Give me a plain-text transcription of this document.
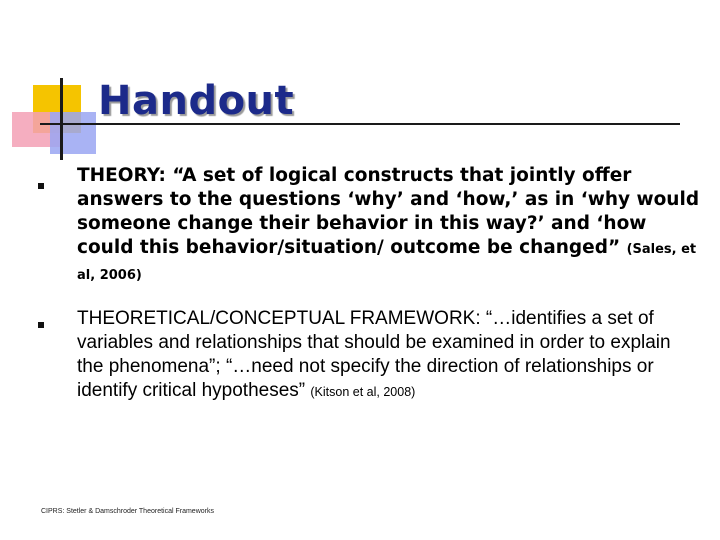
Handout
THEORY: “A set of logical constructs that jointly offer answers to the questions ‘why’ and ‘how,’ as in ‘why would someone change their behavior in this way?’ and ‘how could this behavior/situation/ outcome be changed” (Sales, et al, 2006)
THEORETICAL/CONCEPTUAL FRAMEWORK: “…identifies a set of variables and relationships that should be examined in order to explain the phenomena”; “…need not specify the direction of relationships or identify critical hypotheses” (Kitson et al, 2008)
CIPRS: Stetler & Damschroder Theoretical Frameworks
